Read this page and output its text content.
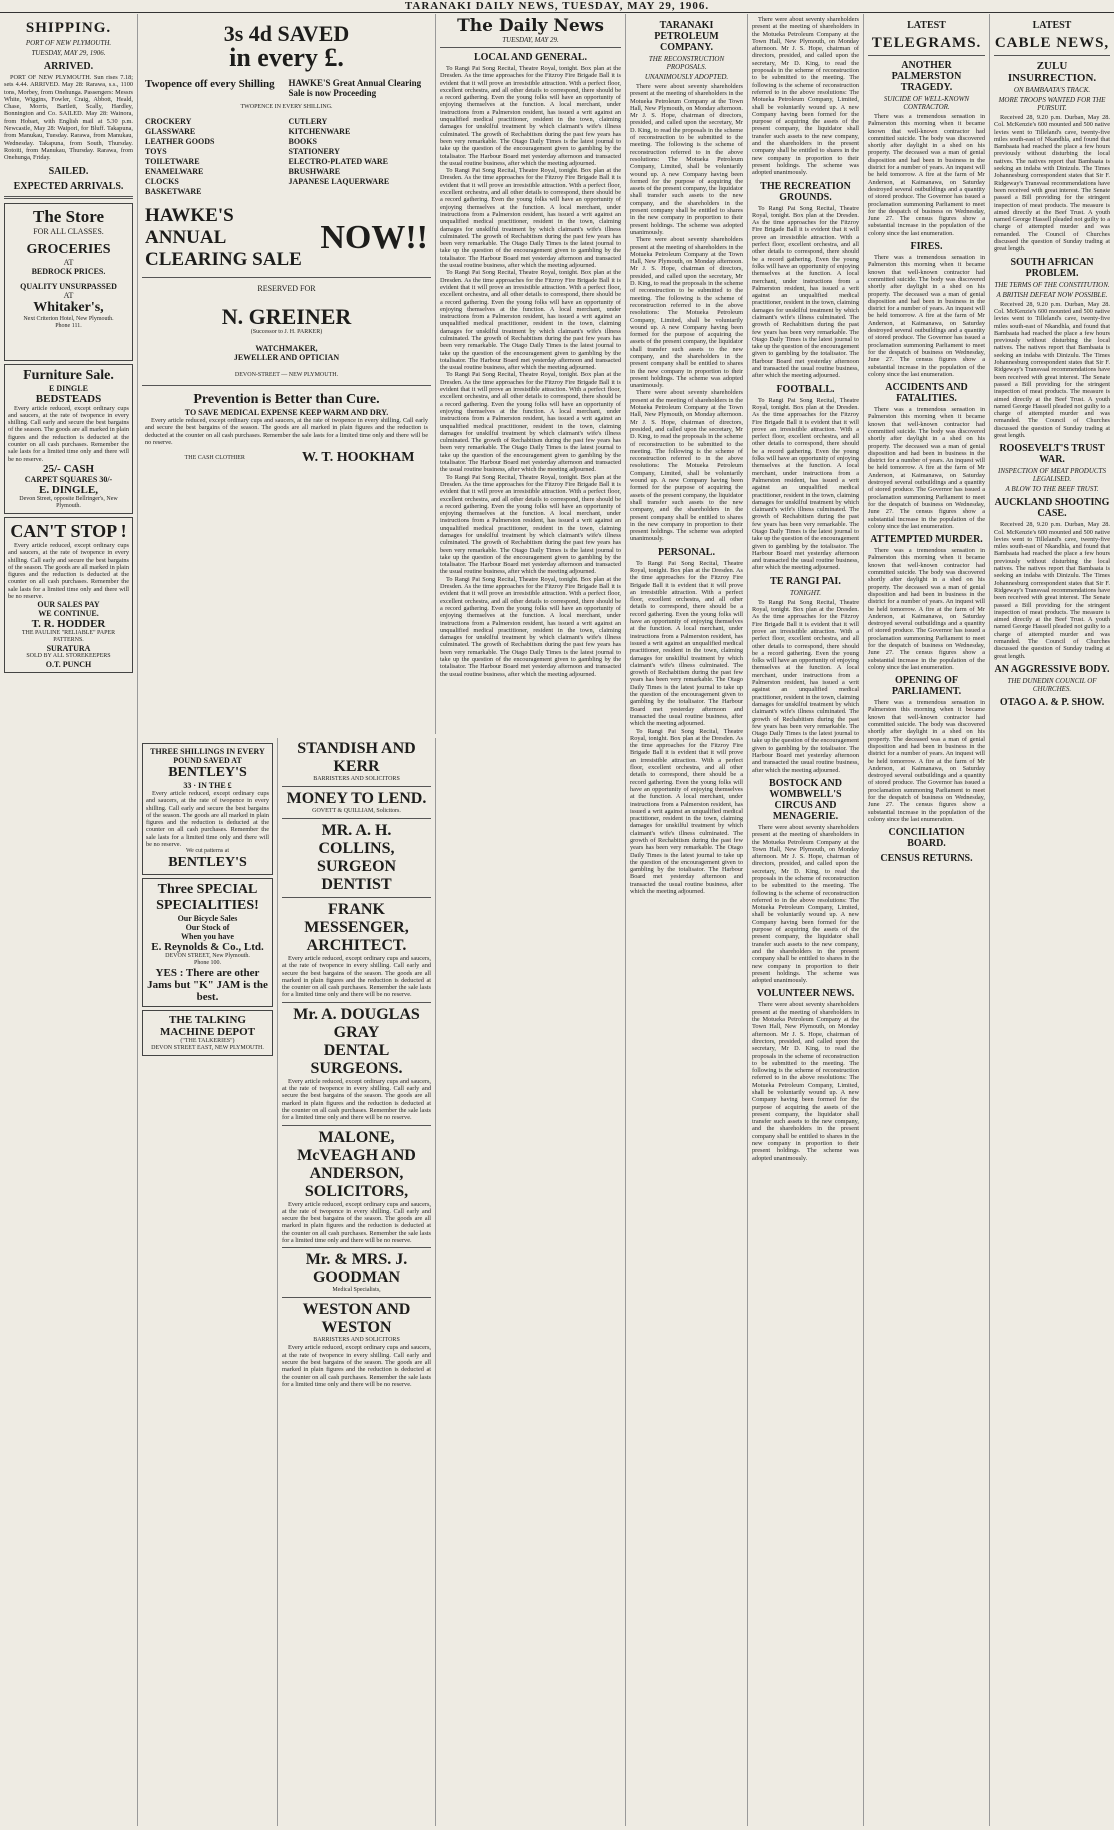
TARANAKI DAILY NEWS, TUESDAY, MAY 29, 1906.
SHIPPING.
PORT OF NEW PLYMOUTH.
TUESDAY, MAY 29, 1906.
ARRIVED.

PORT OF NEW PLYMOUTH. Sun rises 7.18; sets 4.44. ARRIVED. May 28: Rarawa, s.s., 1100 tons, Morbey, from Onehunga. Passengers: Messrs White, Wiggins, Fowler, Craig, Abbott, Heald, Chase, Morris, Bartlett, Scally, Hardley, Bonnington and Co. SAILED. May 28: Wainora, from Hobart, with English mail at 5.30 p.m. Newcastle, May 28: Waipori, for Bluff. Takapuna, from Manukau, Tuesday. Rarawa, from Manukau, Wednesday. Takapuna, from South, Thursday. Rotoiti, from Manukau, Thursday. Rarawa, from Onehunga, Friday.

SAILED.
EXPECTED ARRIVALS.
The Store
FOR ALL CLASSES.
GROCERIES
AT
BEDROCK PRICES.
QUALITY UNSURPASSED
AT
Whitaker's,
Next Criterion Hotel, New Plymouth.
Phone 111.
Furniture Sale.
E DINGLE
BEDSTEADS

Every article reduced, except ordinary cups and saucers, at the rate of twopence in every shilling. Call early and secure the best bargains of the season. The goods are all marked in plain figures and the reduction is deducted at the counter on all cash purchases. Remember the sale lasts for a limited time only and there will be no reserve.

25/- CASH
CARPET SQUARES 30/-
E. DINGLE,
Devon Street, opposite Bellringer's, New Plymouth.
CAN'T STOP !

Every article reduced, except ordinary cups and saucers, at the rate of twopence in every shilling. Call early and secure the best bargains of the season. The goods are all marked in plain figures and the reduction is deducted at the counter on all cash purchases. Remember the sale lasts for a limited time only and there will be no reserve.

OUR SALES PAY
WE CONTINUE.
T. R. HODDER
THE PAULINE "RELIABLE" PAPER PATTERNS.
SURATURA
SOLD BY ALL STOREKEEPERS
O.T. PUNCH
3s 4d SAVED
in every £.
Twopence off every Shilling	HAWKE'S Great Annual Clearing Sale is now Proceeding
TWOPENCE IN EVERY SHILLING.
CROCKERY
GLASSWARE
LEATHER GOODS
TOYS
TOILETWARE
ENAMELWARE
CLOCKS
BASKETWARE
CUTLERY
KITCHENWARE
BOOKS
STATIONERY
ELECTRO-PLATED WARE
BRUSHWARE
JAPANESE LAQUERWARE
HAWKE'S ANNUAL CLEARING SALE
NOW!!
RESERVED FOR
N. GREINER
(Successor to J. H. PARKER)
WATCHMAKER,
JEWELLER AND OPTICIAN
DEVON-STREET — NEW PLYMOUTH.
Prevention is Better than Cure.
TO SAVE MEDICAL EXPENSE KEEP WARM AND DRY.

Every article reduced, except ordinary cups and saucers, at the rate of twopence in every shilling. Call early and secure the best bargains of the season. The goods are all marked in plain figures and the reduction is deducted at the counter on all cash purchases. Remember the sale lasts for a limited time only and there will be no reserve.

THE CASH CLOTHIER	W. T. HOOKHAM
THREE SHILLINGS IN EVERY POUND SAVED AT
BENTLEY'S
33 · IN THE £

Every article reduced, except ordinary cups and saucers, at the rate of twopence in every shilling. Call early and secure the best bargains of the season. The goods are all marked in plain figures and the reduction is deducted at the counter on all cash purchases. Remember the sale lasts for a limited time only and there will be no reserve.

We cut patterns at
BENTLEY'S
Three SPECIAL SPECIALITIES!
Our Bicycle Sales
Our Stock of
When you have
E. Reynolds & Co., Ltd.
DEVON STREET, New Plymouth.
Phone 100.
YES : There are other Jams but "K" JAM is the best.
THE TALKING MACHINE DEPOT
("THE TALKERIES")
DEVON STREET EAST, NEW PLYMOUTH.
STANDISH AND KERR
BARRISTERS AND SOLICITORS
MONEY TO LEND.
GOVETT & QUILLIAM, Solicitors.
MR. A. H. COLLINS, SURGEON DENTIST
FRANK MESSENGER, ARCHITECT.

Every article reduced, except ordinary cups and saucers, at the rate of twopence in every shilling. Call early and secure the best bargains of the season. The goods are all marked in plain figures and the reduction is deducted at the counter on all cash purchases. Remember the sale lasts for a limited time only and there will be no reserve.

Mr. A. DOUGLAS GRAY
DENTAL SURGEONS.

Every article reduced, except ordinary cups and saucers, at the rate of twopence in every shilling. Call early and secure the best bargains of the season. The goods are all marked in plain figures and the reduction is deducted at the counter on all cash purchases. Remember the sale lasts for a limited time only and there will be no reserve.

MALONE, McVEAGH AND ANDERSON, SOLICITORS,

Every article reduced, except ordinary cups and saucers, at the rate of twopence in every shilling. Call early and secure the best bargains of the season. The goods are all marked in plain figures and the reduction is deducted at the counter on all cash purchases. Remember the sale lasts for a limited time only and there will be no reserve.

Mr. & MRS. J. GOODMAN
Medical Specialists,
WESTON AND WESTON
BARRISTERS AND SOLICITORS

Every article reduced, except ordinary cups and saucers, at the rate of twopence in every shilling. Call early and secure the best bargains of the season. The goods are all marked in plain figures and the reduction is deducted at the counter on all cash purchases. Remember the sale lasts for a limited time only and there will be no reserve.

The Daily News
TUESDAY, MAY 29.
LOCAL AND GENERAL.

To Rangi Pai Song Recital, Theatre Royal, tonight. Box plan at the Dresden. As the time approaches for the Fitzroy Fire Brigade Ball it is evident that it will prove an irresistible attraction. With a perfect floor, excellent orchestra, and all other details to correspond, there should be a record gathering. Even the young folks will have an opportunity of enjoying themselves at the function. A local merchant, under instructions from a Palmerston resident, has issued a writ against an unqualified medical practitioner, resident in the town, claiming damages for unskilful treatment by which claimant's wife's illness culminated. The growth of Rechabitism during the past few years has been very remarkable. The Otago Daily Times is the latest journal to take up the question of the encouragement given to gambling by the totalisator. The Harbour Board met yesterday afternoon and transacted the usual routine business, after which the meeting adjourned.

To Rangi Pai Song Recital, Theatre Royal, tonight. Box plan at the Dresden. As the time approaches for the Fitzroy Fire Brigade Ball it is evident that it will prove an irresistible attraction. With a perfect floor, excellent orchestra, and all other details to correspond, there should be a record gathering. Even the young folks will have an opportunity of enjoying themselves at the function. A local merchant, under instructions from a Palmerston resident, has issued a writ against an unqualified medical practitioner, resident in the town, claiming damages for unskilful treatment by which claimant's wife's illness culminated. The growth of Rechabitism during the past few years has been very remarkable. The Otago Daily Times is the latest journal to take up the question of the encouragement given to gambling by the totalisator. The Harbour Board met yesterday afternoon and transacted the usual routine business, after which the meeting adjourned.

To Rangi Pai Song Recital, Theatre Royal, tonight. Box plan at the Dresden. As the time approaches for the Fitzroy Fire Brigade Ball it is evident that it will prove an irresistible attraction. With a perfect floor, excellent orchestra, and all other details to correspond, there should be a record gathering. Even the young folks will have an opportunity of enjoying themselves at the function. A local merchant, under instructions from a Palmerston resident, has issued a writ against an unqualified medical practitioner, resident in the town, claiming damages for unskilful treatment by which claimant's wife's illness culminated. The growth of Rechabitism during the past few years has been very remarkable. The Otago Daily Times is the latest journal to take up the question of the encouragement given to gambling by the totalisator. The Harbour Board met yesterday afternoon and transacted the usual routine business, after which the meeting adjourned.

To Rangi Pai Song Recital, Theatre Royal, tonight. Box plan at the Dresden. As the time approaches for the Fitzroy Fire Brigade Ball it is evident that it will prove an irresistible attraction. With a perfect floor, excellent orchestra, and all other details to correspond, there should be a record gathering. Even the young folks will have an opportunity of enjoying themselves at the function. A local merchant, under instructions from a Palmerston resident, has issued a writ against an unqualified medical practitioner, resident in the town, claiming damages for unskilful treatment by which claimant's wife's illness culminated. The growth of Rechabitism during the past few years has been very remarkable. The Otago Daily Times is the latest journal to take up the question of the encouragement given to gambling by the totalisator. The Harbour Board met yesterday afternoon and transacted the usual routine business, after which the meeting adjourned.

To Rangi Pai Song Recital, Theatre Royal, tonight. Box plan at the Dresden. As the time approaches for the Fitzroy Fire Brigade Ball it is evident that it will prove an irresistible attraction. With a perfect floor, excellent orchestra, and all other details to correspond, there should be a record gathering. Even the young folks will have an opportunity of enjoying themselves at the function. A local merchant, under instructions from a Palmerston resident, has issued a writ against an unqualified medical practitioner, resident in the town, claiming damages for unskilful treatment by which claimant's wife's illness culminated. The growth of Rechabitism during the past few years has been very remarkable. The Otago Daily Times is the latest journal to take up the question of the encouragement given to gambling by the totalisator. The Harbour Board met yesterday afternoon and transacted the usual routine business, after which the meeting adjourned.

To Rangi Pai Song Recital, Theatre Royal, tonight. Box plan at the Dresden. As the time approaches for the Fitzroy Fire Brigade Ball it is evident that it will prove an irresistible attraction. With a perfect floor, excellent orchestra, and all other details to correspond, there should be a record gathering. Even the young folks will have an opportunity of enjoying themselves at the function. A local merchant, under instructions from a Palmerston resident, has issued a writ against an unqualified medical practitioner, resident in the town, claiming damages for unskilful treatment by which claimant's wife's illness culminated. The growth of Rechabitism during the past few years has been very remarkable. The Otago Daily Times is the latest journal to take up the question of the encouragement given to gambling by the totalisator. The Harbour Board met yesterday afternoon and transacted the usual routine business, after which the meeting adjourned.

TARANAKI PETROLEUM COMPANY.
THE RECONSTRUCTION PROPOSALS.
UNANIMOUSLY ADOPTED.

There were about seventy shareholders present at the meeting of shareholders in the Motueka Petroleum Company at the Town Hall, New Plymouth, on Monday afternoon. Mr J. S. Hope, chairman of directors, presided, and called upon the secretary, Mr D. King, to read the proposals in the scheme of reconstruction to be submitted to the meeting. The following is the scheme of reconstruction referred to in the above resolutions: The Motueka Petroleum Company, Limited, shall be voluntarily wound up. A new Company having been formed for the purpose of acquiring the assets of the present company, the liquidator shall transfer such assets to the new company, and the shareholders in the present company shall be entitled to shares in the new company in proportion to their present holdings. The scheme was adopted unanimously.

There were about seventy shareholders present at the meeting of shareholders in the Motueka Petroleum Company at the Town Hall, New Plymouth, on Monday afternoon. Mr J. S. Hope, chairman of directors, presided, and called upon the secretary, Mr D. King, to read the proposals in the scheme of reconstruction to be submitted to the meeting. The following is the scheme of reconstruction referred to in the above resolutions: The Motueka Petroleum Company, Limited, shall be voluntarily wound up. A new Company having been formed for the purpose of acquiring the assets of the present company, the liquidator shall transfer such assets to the new company, and the shareholders in the present company shall be entitled to shares in the new company in proportion to their present holdings. The scheme was adopted unanimously.

There were about seventy shareholders present at the meeting of shareholders in the Motueka Petroleum Company at the Town Hall, New Plymouth, on Monday afternoon. Mr J. S. Hope, chairman of directors, presided, and called upon the secretary, Mr D. King, to read the proposals in the scheme of reconstruction to be submitted to the meeting. The following is the scheme of reconstruction referred to in the above resolutions: The Motueka Petroleum Company, Limited, shall be voluntarily wound up. A new Company having been formed for the purpose of acquiring the assets of the present company, the liquidator shall transfer such assets to the new company, and the shareholders in the present company shall be entitled to shares in the new company in proportion to their present holdings. The scheme was adopted unanimously.

PERSONAL.

To Rangi Pai Song Recital, Theatre Royal, tonight. Box plan at the Dresden. As the time approaches for the Fitzroy Fire Brigade Ball it is evident that it will prove an irresistible attraction. With a perfect floor, excellent orchestra, and all other details to correspond, there should be a record gathering. Even the young folks will have an opportunity of enjoying themselves at the function. A local merchant, under instructions from a Palmerston resident, has issued a writ against an unqualified medical practitioner, resident in the town, claiming damages for unskilful treatment by which claimant's wife's illness culminated. The growth of Rechabitism during the past few years has been very remarkable. The Otago Daily Times is the latest journal to take up the question of the encouragement given to gambling by the totalisator. The Harbour Board met yesterday afternoon and transacted the usual routine business, after which the meeting adjourned.

To Rangi Pai Song Recital, Theatre Royal, tonight. Box plan at the Dresden. As the time approaches for the Fitzroy Fire Brigade Ball it is evident that it will prove an irresistible attraction. With a perfect floor, excellent orchestra, and all other details to correspond, there should be a record gathering. Even the young folks will have an opportunity of enjoying themselves at the function. A local merchant, under instructions from a Palmerston resident, has issued a writ against an unqualified medical practitioner, resident in the town, claiming damages for unskilful treatment by which claimant's wife's illness culminated. The growth of Rechabitism during the past few years has been very remarkable. The Otago Daily Times is the latest journal to take up the question of the encouragement given to gambling by the totalisator. The Harbour Board met yesterday afternoon and transacted the usual routine business, after which the meeting adjourned.

There were about seventy shareholders present at the meeting of shareholders in the Motueka Petroleum Company at the Town Hall, New Plymouth, on Monday afternoon. Mr J. S. Hope, chairman of directors, presided, and called upon the secretary, Mr D. King, to read the proposals in the scheme of reconstruction to be submitted to the meeting. The following is the scheme of reconstruction referred to in the above resolutions: The Motueka Petroleum Company, Limited, shall be voluntarily wound up. A new Company having been formed for the purpose of acquiring the assets of the present company, the liquidator shall transfer such assets to the new company, and the shareholders in the present company shall be entitled to shares in the new company in proportion to their present holdings. The scheme was adopted unanimously.

THE RECREATION GROUNDS.

To Rangi Pai Song Recital, Theatre Royal, tonight. Box plan at the Dresden. As the time approaches for the Fitzroy Fire Brigade Ball it is evident that it will prove an irresistible attraction. With a perfect floor, excellent orchestra, and all other details to correspond, there should be a record gathering. Even the young folks will have an opportunity of enjoying themselves at the function. A local merchant, under instructions from a Palmerston resident, has issued a writ against an unqualified medical practitioner, resident in the town, claiming damages for unskilful treatment by which claimant's wife's illness culminated. The growth of Rechabitism during the past few years has been very remarkable. The Otago Daily Times is the latest journal to take up the question of the encouragement given to gambling by the totalisator. The Harbour Board met yesterday afternoon and transacted the usual routine business, after which the meeting adjourned.

FOOTBALL.

To Rangi Pai Song Recital, Theatre Royal, tonight. Box plan at the Dresden. As the time approaches for the Fitzroy Fire Brigade Ball it is evident that it will prove an irresistible attraction. With a perfect floor, excellent orchestra, and all other details to correspond, there should be a record gathering. Even the young folks will have an opportunity of enjoying themselves at the function. A local merchant, under instructions from a Palmerston resident, has issued a writ against an unqualified medical practitioner, resident in the town, claiming damages for unskilful treatment by which claimant's wife's illness culminated. The growth of Rechabitism during the past few years has been very remarkable. The Otago Daily Times is the latest journal to take up the question of the encouragement given to gambling by the totalisator. The Harbour Board met yesterday afternoon and transacted the usual routine business, after which the meeting adjourned.

TE RANGI PAI.
TONIGHT.

To Rangi Pai Song Recital, Theatre Royal, tonight. Box plan at the Dresden. As the time approaches for the Fitzroy Fire Brigade Ball it is evident that it will prove an irresistible attraction. With a perfect floor, excellent orchestra, and all other details to correspond, there should be a record gathering. Even the young folks will have an opportunity of enjoying themselves at the function. A local merchant, under instructions from a Palmerston resident, has issued a writ against an unqualified medical practitioner, resident in the town, claiming damages for unskilful treatment by which claimant's wife's illness culminated. The growth of Rechabitism during the past few years has been very remarkable. The Otago Daily Times is the latest journal to take up the question of the encouragement given to gambling by the totalisator. The Harbour Board met yesterday afternoon and transacted the usual routine business, after which the meeting adjourned.

BOSTOCK AND WOMBWELL'S CIRCUS AND MENAGERIE.

There were about seventy shareholders present at the meeting of shareholders in the Motueka Petroleum Company at the Town Hall, New Plymouth, on Monday afternoon. Mr J. S. Hope, chairman of directors, presided, and called upon the secretary, Mr D. King, to read the proposals in the scheme of reconstruction to be submitted to the meeting. The following is the scheme of reconstruction referred to in the above resolutions: The Motueka Petroleum Company, Limited, shall be voluntarily wound up. A new Company having been formed for the purpose of acquiring the assets of the present company, the liquidator shall transfer such assets to the new company, and the shareholders in the present company shall be entitled to shares in the new company in proportion to their present holdings. The scheme was adopted unanimously.

VOLUNTEER NEWS.

There were about seventy shareholders present at the meeting of shareholders in the Motueka Petroleum Company at the Town Hall, New Plymouth, on Monday afternoon. Mr J. S. Hope, chairman of directors, presided, and called upon the secretary, Mr D. King, to read the proposals in the scheme of reconstruction to be submitted to the meeting. The following is the scheme of reconstruction referred to in the above resolutions: The Motueka Petroleum Company, Limited, shall be voluntarily wound up. A new Company having been formed for the purpose of acquiring the assets of the present company, the liquidator shall transfer such assets to the new company, and the shareholders in the present company shall be entitled to shares in the new company in proportion to their present holdings. The scheme was adopted unanimously.

LATEST
TELEGRAMS.
ANOTHER PALMERSTON TRAGEDY.
SUICIDE OF WELL-KNOWN CONTRACTOR.

There was a tremendous sensation in Palmerston this morning when it became known that well-known contractor had committed suicide. The body was discovered shortly after daylight in a shed on his property. The deceased was a man of genial disposition and had been in business in the district for a number of years. An inquest will be held tomorrow. A fire at the farm of Mr Anderson, at Kaimanawa, on Saturday destroyed several outbuildings and a quantity of stored produce. The Governor has issued a proclamation summoning Parliament to meet for the despatch of business on Wednesday, June 27. The census figures show a substantial increase in the population of the colony since the last enumeration.

FIRES.

There was a tremendous sensation in Palmerston this morning when it became known that well-known contractor had committed suicide. The body was discovered shortly after daylight in a shed on his property. The deceased was a man of genial disposition and had been in business in the district for a number of years. An inquest will be held tomorrow. A fire at the farm of Mr Anderson, at Kaimanawa, on Saturday destroyed several outbuildings and a quantity of stored produce. The Governor has issued a proclamation summoning Parliament to meet for the despatch of business on Wednesday, June 27. The census figures show a substantial increase in the population of the colony since the last enumeration.

ACCIDENTS AND FATALITIES.

There was a tremendous sensation in Palmerston this morning when it became known that well-known contractor had committed suicide. The body was discovered shortly after daylight in a shed on his property. The deceased was a man of genial disposition and had been in business in the district for a number of years. An inquest will be held tomorrow. A fire at the farm of Mr Anderson, at Kaimanawa, on Saturday destroyed several outbuildings and a quantity of stored produce. The Governor has issued a proclamation summoning Parliament to meet for the despatch of business on Wednesday, June 27. The census figures show a substantial increase in the population of the colony since the last enumeration.

ATTEMPTED MURDER.

There was a tremendous sensation in Palmerston this morning when it became known that well-known contractor had committed suicide. The body was discovered shortly after daylight in a shed on his property. The deceased was a man of genial disposition and had been in business in the district for a number of years. An inquest will be held tomorrow. A fire at the farm of Mr Anderson, at Kaimanawa, on Saturday destroyed several outbuildings and a quantity of stored produce. The Governor has issued a proclamation summoning Parliament to meet for the despatch of business on Wednesday, June 27. The census figures show a substantial increase in the population of the colony since the last enumeration.

OPENING OF PARLIAMENT.

There was a tremendous sensation in Palmerston this morning when it became known that well-known contractor had committed suicide. The body was discovered shortly after daylight in a shed on his property. The deceased was a man of genial disposition and had been in business in the district for a number of years. An inquest will be held tomorrow. A fire at the farm of Mr Anderson, at Kaimanawa, on Saturday destroyed several outbuildings and a quantity of stored produce. The Governor has issued a proclamation summoning Parliament to meet for the despatch of business on Wednesday, June 27. The census figures show a substantial increase in the population of the colony since the last enumeration.

CONCILIATION BOARD.
CENSUS RETURNS.
LATEST
CABLE NEWS,
ZULU INSURRECTION.
ON BAMBAATA'S TRACK.
MORE TROOPS WANTED FOR THE PURSUIT.

Received 28, 9.20 p.m. Durban, May 28. Col. McKenzie's 600 mounted and 500 native levies went to Tilleland's cave, twenty-five miles south-east of Nkandhla, and found that Bambaata had reached the place a few hours previously without disturbing the local natives. The natives report that Bambaata is seeking an indaba with Dinizulu. The Times Johannesburg correspondent states that Sir F. Ridgeway's Transvaal recommendations have been received with great interest. The Senate passed a Bill providing for the stringent inspection of meat products. The measure is aimed directly at the Beef Trust. A youth named George Hassell pleaded not guilty to a charge of attempted murder and was remanded. The Council of Churches discussed the question of Sunday trading at great length.

SOUTH AFRICAN PROBLEM.
THE TERMS OF THE CONSTITUTION.
A BRITISH DEFEAT NOW POSSIBLE.

Received 28, 9.20 p.m. Durban, May 28. Col. McKenzie's 600 mounted and 500 native levies went to Tilleland's cave, twenty-five miles south-east of Nkandhla, and found that Bambaata had reached the place a few hours previously without disturbing the local natives. The natives report that Bambaata is seeking an indaba with Dinizulu. The Times Johannesburg correspondent states that Sir F. Ridgeway's Transvaal recommendations have been received with great interest. The Senate passed a Bill providing for the stringent inspection of meat products. The measure is aimed directly at the Beef Trust. A youth named George Hassell pleaded not guilty to a charge of attempted murder and was remanded. The Council of Churches discussed the question of Sunday trading at great length.

ROOSEVELT'S TRUST WAR.
INSPECTION OF MEAT PRODUCTS LEGALISED.
A BLOW TO THE BEEF TRUST.
AUCKLAND SHOOTING CASE.

Received 28, 9.20 p.m. Durban, May 28. Col. McKenzie's 600 mounted and 500 native levies went to Tilleland's cave, twenty-five miles south-east of Nkandhla, and found that Bambaata had reached the place a few hours previously without disturbing the local natives. The natives report that Bambaata is seeking an indaba with Dinizulu. The Times Johannesburg correspondent states that Sir F. Ridgeway's Transvaal recommendations have been received with great interest. The Senate passed a Bill providing for the stringent inspection of meat products. The measure is aimed directly at the Beef Trust. A youth named George Hassell pleaded not guilty to a charge of attempted murder and was remanded. The Council of Churches discussed the question of Sunday trading at great length.

AN AGGRESSIVE BODY.
THE DUNEDIN COUNCIL OF CHURCHES.
OTAGO A. & P. SHOW.
